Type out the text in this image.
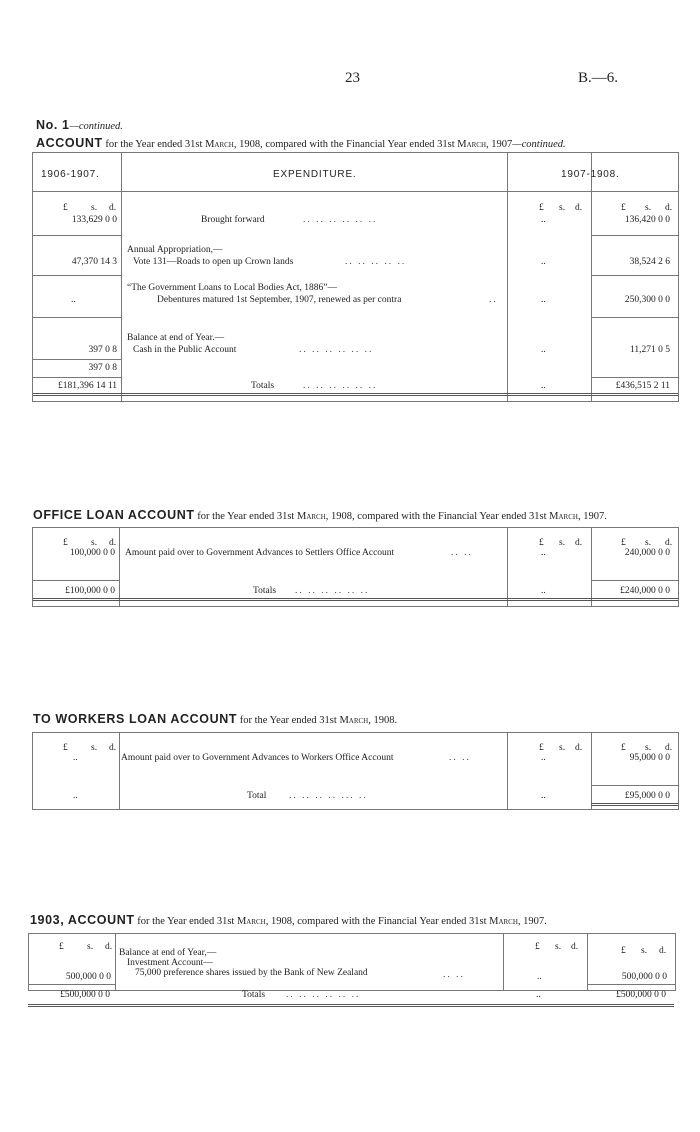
23	B.—6.
No. 1—continued.
ACCOUNT for the Year ended 31st March, 1908, compared with the Financial Year ended 31st March, 1907—continued.
1906-1907.	EXPENDITURE.	1907-1908.
£ s. d.	£ s. d.	£ s. d.
133,629 0 0	Brought forward	.. .. .. .. .. ..	..	136,420 0 0
Annual Appropriation,—
47,370 14 3 Vote 131—Roads to open up Crown lands	.. .. .. .. ..	..	38,524 2 6
“The Government Loans to Local Bodies Act, 1886”—
..	Debentures matured 1st September, 1907, renewed as per contra	..	..	250,300 0 0
Balance at end of Year.—
397 0 8 Cash in the Public Account	.. .. .. .. .. ..	..	11,271 0 5
397 0 8
£181,396 14 11	Totals	.. .. .. .. .. ..	..	£436,515 2 11
OFFICE LOAN ACCOUNT for the Year ended 31st March, 1908, compared with the Financial Year ended 31st March, 1907.
£ s. d.	£ s. d.	£ s. d.
100,000 0 0 Amount paid over to Government Advances to Settlers Office Account	.. ..	..	240,000 0 0
£100,000 0 0	Totals .. .. .. .. .. ..	..	£240,000 0 0
TO WORKERS LOAN ACCOUNT for the Year ended 31st March, 1908.
£ s. d.	£ s. d.	£ s. d.
..	Amount paid over to Government Advances to Workers Office Account	.. ..	..	95,000 0 0
..	Total .. .. .. .. ... ..	..	£95,000 0 0
1903, ACCOUNT for the Year ended 31st March, 1908, compared with the Financial Year ended 31st March, 1907.
£ s. d.	£ s. d.	£ s. d.
Balance at end of Year,—
Investment Account—
500,000 0 0	75,000 preference shares issued by the Bank of New Zealand	.. ..	..	500,000 0 0
£500,000 0 0	Totals .. .. .. .. .. ..	..	£500,000 0 0
